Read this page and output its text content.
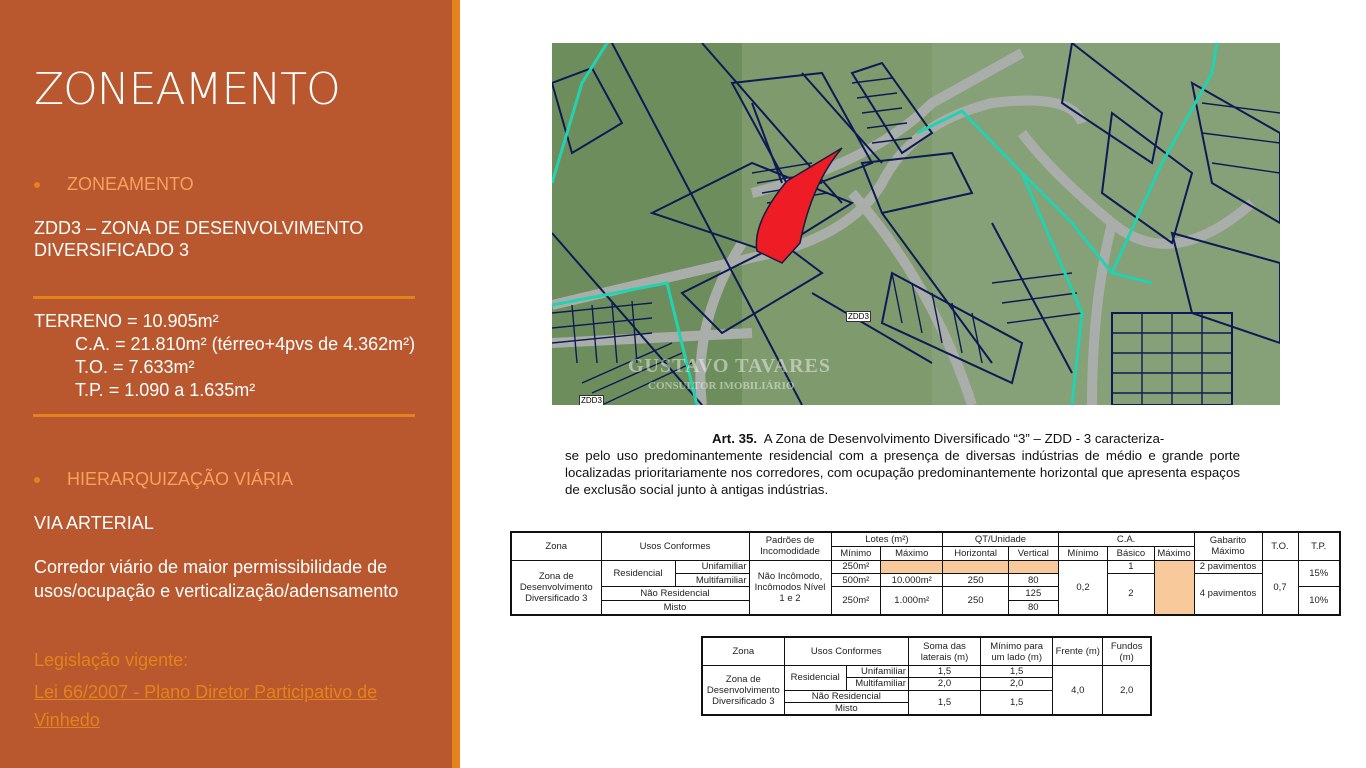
ZONEAMENTO
ZONEAMENTO
ZDD3 – ZONA DE DESENVOLVIMENTO
DIVERSIFICADO 3
TERRENO = 10.905m²
C.A. = 21.810m² (térreo+4pvs de 4.362m²)
T.O. = 7.633m²
T.P. = 1.090 a 1.635m²
HIERARQUIZAÇÃO VIÁRIA
VIA ARTERIAL
Corredor viário de maior permissibilidade de usos/ocupação e verticalização/adensamento
Legislação vigente:
Lei 66/2007 - Plano Diretor Participativo de Vinhedo
ZDD3
ZDD3
GUSTAVO TAVARES
CONSULTOR IMOBILIÁRIO
Art. 35. A Zona de Desenvolvimento Diversificado “3” – ZDD - 3 caracteriza-
se pelo uso predominantemente residencial com a presença de diversas indústrias de médio e grande porte localizadas prioritariamente nos corredores, com ocupação predominantemente horizontal que apresenta espaços de exclusão social junto à antigas indústrias.
Zona	Usos Conformes		Padrões de Incomodidade	Lotes (m²)		QT/Unidade		C.A.			Gabarito Máximo	T.O.	T.P.
				Mínimo	Máximo	Horizontal	Vertical	Mínimo	Básico	Máximo			
Zona de Desenvolvimento Diversificado 3	Residencial	Unifamiliar	Não Incômodo, Incômodos Nível 1 e 2	250m²				0,2	1		2 pavimentos	0,7	15%
		Multifamiliar		500m²	10.000m²	250	80		2		4 pavimentos		
	Não Residencial			250m²	1.000m²	250	125						10%
	Misto						80						

Zona	Usos Conformes		Soma das laterais (m)	Mínimo para um lado (m)	Frente (m)	Fundos (m)
Zona de Desenvolvimento Diversificado 3	Residencial	Unifamiliar	1,5	1,5	4,0	2,0
		Multifamiliar	2,0	2,0		
	Não Residencial		1,5	1,5		
	Misto					
